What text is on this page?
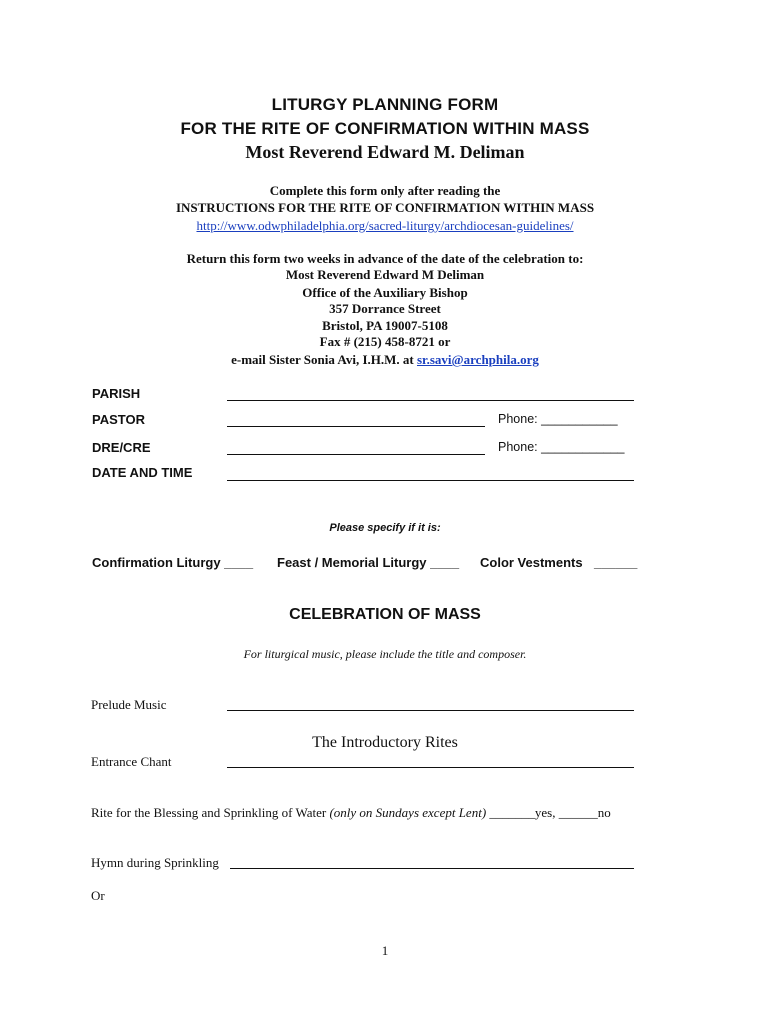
LITURGY PLANNING FORM
FOR THE RITE OF CONFIRMATION WITHIN MASS
Most Reverend Edward M. Deliman
Complete this form only after reading the
INSTRUCTIONS FOR THE RITE OF CONFIRMATION WITHIN MASS
http://www.odwphiladelphia.org/sacred-liturgy/archdiocesan-guidelines/
Return this form two weeks in advance of the date of the celebration to:
Most Reverend Edward M Deliman
Office of the Auxiliary Bishop
357 Dorrance Street
Bristol, PA 19007-5108
Fax # (215) 458-8721 or
e-mail Sister Sonia Avi, I.H.M. at sr.savi@archphila.org
PARISH
PASTOR	Phone: ___________
DRE/CRE	Phone: ____________
DATE AND TIME
Please specify if it is:
Confirmation Liturgy ____ Feast / Memorial Liturgy ____ Color Vestments ______
CELEBRATION OF MASS
For liturgical music, please include the title and composer.
Prelude Music
The Introductory Rites
Entrance Chant
Rite for the Blessing and Sprinkling of Water (only on Sundays except Lent) _______yes, ______no
Hymn during Sprinkling
Or
1
